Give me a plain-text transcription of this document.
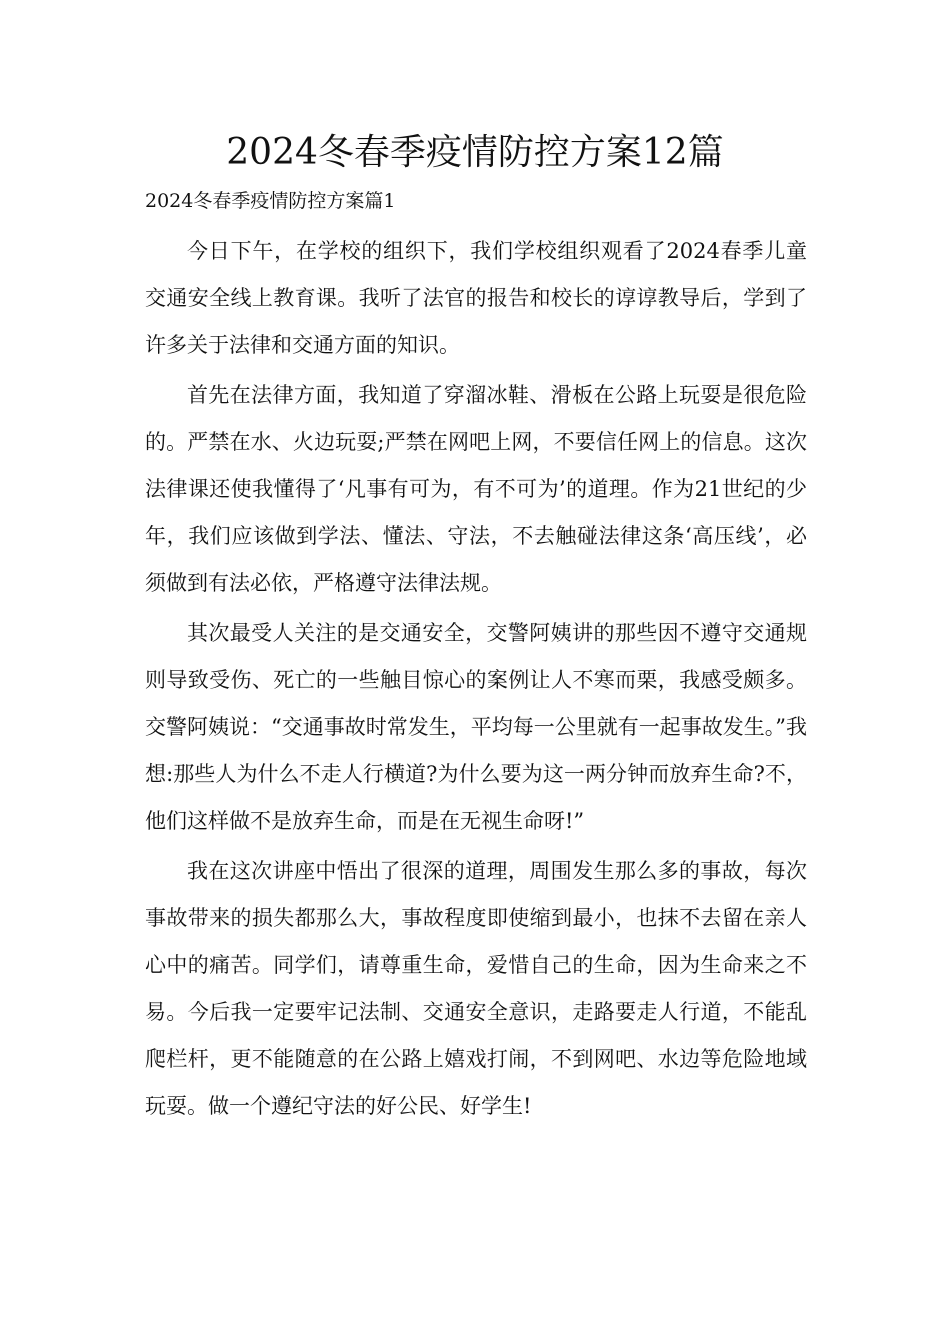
2024冬春季疫情防控方案12篇

2024冬春季疫情防控方案篇1

今日下午，在学校的组织下，我们学校组织观看了2024春季儿童交通安全线上教育课。我听了法官的报告和校长的谆谆教导后，学到了许多关于法律和交通方面的知识。

首先在法律方面，我知道了穿溜冰鞋、滑板在公路上玩耍是很危险的。严禁在水、火边玩耍;严禁在网吧上网，不要信任网上的信息。这次法律课还使我懂得了‘凡事有可为，有不可为’的道理。作为21世纪的少年，我们应该做到学法、懂法、守法，不去触碰法律这条‘高压线’，必须做到有法必依，严格遵守法律法规。

其次最受人关注的是交通安全，交警阿姨讲的那些因不遵守交通规则导致受伤、死亡的一些触目惊心的案例让人不寒而栗，我感受颇多。交警阿姨说：“交通事故时常发生，平均每一公里就有一起事故发生。”我想:那些人为什么不走人行横道?为什么要为这一两分钟而放弃生命?不，他们这样做不是放弃生命，而是在无视生命呀!”

我在这次讲座中悟出了很深的道理，周围发生那么多的事故，每次事故带来的损失都那么大，事故程度即使缩到最小，也抹不去留在亲人心中的痛苦。同学们，请尊重生命，爱惜自己的生命，因为生命来之不易。今后我一定要牢记法制、交通安全意识，走路要走人行道，不能乱爬栏杆，更不能随意的在公路上嬉戏打闹，不到网吧、水边等危险地域玩耍。做一个遵纪守法的好公民、好学生!
